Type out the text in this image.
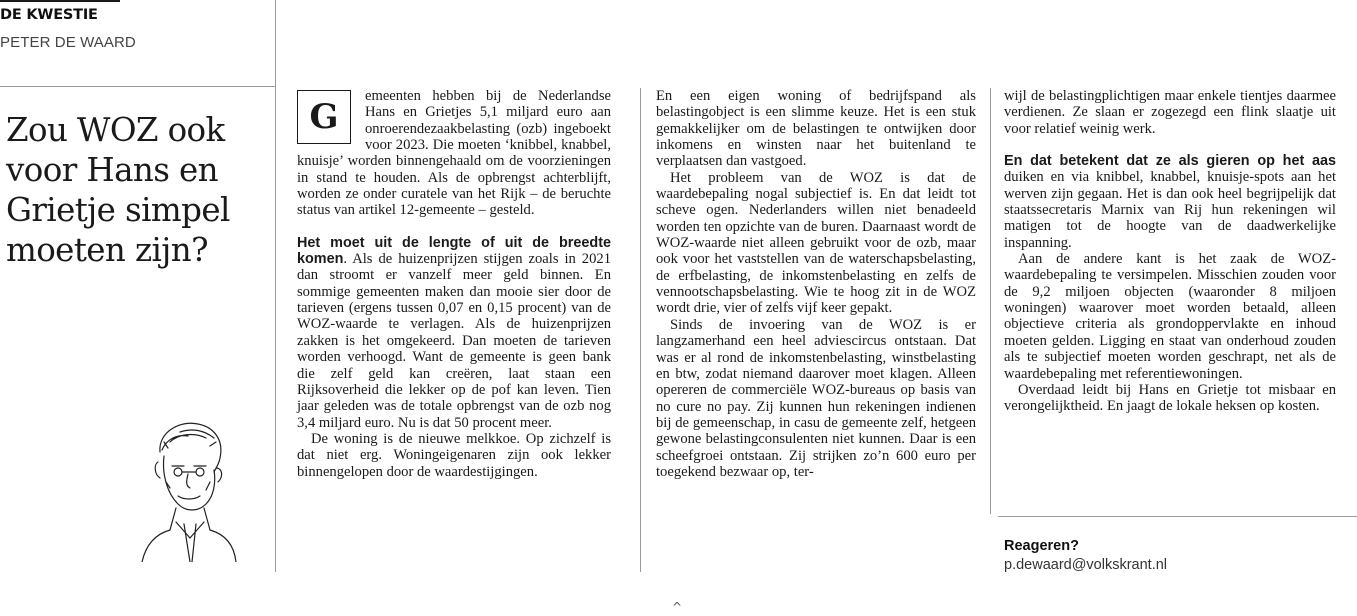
DE KWESTIE
PETER DE WAARD
Zou WOZ ook voor Hans en Grietje simpel moeten zijn?

G
emeenten hebben bij de Nederlandse Hans en Grietjes 5,1 miljard euro aan onroerendezaakbelasting (ozb) ingeboekt voor 2023. Die moeten ‘knibbel, knabbel, knuisje’ worden binnengehaald om de voorzieningen in stand te houden. Als de opbrengst achterblijft, worden ze onder curatele van het Rijk – de beruchte status van artikel 12-gemeente – gesteld.

Het moet uit de lengte of uit de breedte komen. Als de huizenprijzen stijgen zoals in 2021 dan stroomt er vanzelf meer geld binnen. En sommige gemeenten maken dan mooie sier door de tarieven (ergens tussen 0,07 en 0,15 procent) van de WOZ-waarde te verlagen. Als de huizenprijzen zakken is het omgekeerd. Dan moeten de tarieven worden verhoogd. Want de gemeente is geen bank die zelf geld kan creëren, laat staan een Rijksoverheid die lekker op de pof kan leven. Tien jaar geleden was de totale opbrengst van de ozb nog 3,4 miljard euro. Nu is dat 50 procent meer.

De woning is de nieuwe melkkoe. Op zichzelf is dat niet erg. Woningeigenaren zijn ook lekker binnengelopen door de waardestijgingen.

En een eigen woning of bedrijfspand als belastingobject is een slimme keuze. Het is een stuk gemakkelijker om de belastingen te ontwijken door inkomens en winsten naar het buitenland te verplaatsen dan vastgoed.

Het probleem van de WOZ is dat de waardebepaling nogal subjectief is. En dat leidt tot scheve ogen. Nederlanders willen niet benadeeld worden ten opzichte van de buren. Daarnaast wordt de WOZ-waarde niet alleen gebruikt voor de ozb, maar ook voor het vaststellen van de waterschapsbelasting, de erfbelasting, de inkomstenbelasting en zelfs de vennootschapsbelasting. Wie te hoog zit in de WOZ wordt drie, vier of zelfs vijf keer gepakt.

Sinds de invoering van de WOZ is er langzamerhand een heel adviescircus ontstaan. Dat was er al rond de inkomstenbelasting, winstbelasting en btw, zodat niemand daarover moet klagen. Alleen opereren de commerciële WOZ-bureaus op basis van no cure no pay. Zij kunnen hun rekeningen indienen bij de gemeenschap, in casu de gemeente zelf, hetgeen gewone belastingconsulenten niet kunnen. Daar is een scheefgroei ontstaan. Zij strijken zo’n 600 euro per toegekend bezwaar op, ter-

wijl de belastingplichtigen maar enkele tientjes daarmee verdienen. Ze slaan er zogezegd een flink slaatje uit voor relatief weinig werk.

En dat betekent dat ze als gieren op het aas duiken en via knibbel, knabbel, knuisje-spots aan het werven zijn gegaan. Het is dan ook heel begrijpelijk dat staatssecretaris Marnix van Rij hun rekeningen wil matigen tot de hoogte van de daadwerkelijke inspanning.

Aan de andere kant is het zaak de WOZ-waardebepaling te versimpelen. Misschien zouden voor de 9,2 miljoen objecten (waaronder 8 miljoen woningen) waarover moet worden betaald, alleen objectieve criteria als grondoppervlakte en inhoud moeten gelden. Ligging en staat van onderhoud zouden als te subjectief moeten worden geschrapt, net als de waardebepaling met referentiewoningen.

Overdaad leidt bij Hans en Grietje tot misbaar en verongelijktheid. En jaagt de lokale heksen op kosten.

Reageren?
p.dewaard@volkskrant.nl
^
